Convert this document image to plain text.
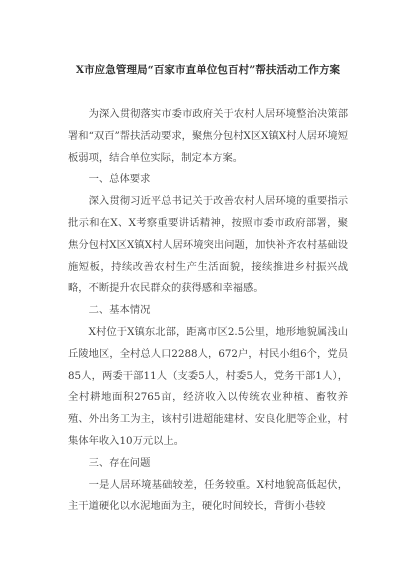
X市应急管理局“百家市直单位包百村”帮扶活动工作方案

为深入贯彻落实市委市政府关于农村人居环境整治决策部署和“双百”帮扶活动要求，聚焦分包村X区X镇X村人居环境短板弱项，结合单位实际，制定本方案。

一、总体要求

深入贯彻习近平总书记关于改善农村人居环境的重要指示批示和在X、X考察重要讲话精神，按照市委市政府部署，聚焦分包村X区X镇X村人居环境突出问题，加快补齐农村基础设施短板，持续改善农村生产生活面貌，接续推进乡村振兴战略，不断提升农民群众的获得感和幸福感。

二、基本情况

X村位于X镇东北部，距离市区2.5公里，地形地貌属浅山丘陵地区，全村总人口2288人，672户，村民小组6个，党员85人，两委干部11人（支委5人，村委5人，党务干部1人），全村耕地面积2765亩，经济收入以传统农业种植、畜牧养殖、外出务工为主，该村引进超能建材、安良化肥等企业，村集体年收入10万元以上。

三、存在问题

一是人居环境基础较差，任务较重。X村地貌高低起伏，主干道硬化以水泥地面为主，硬化时间较长，背街小巷较
